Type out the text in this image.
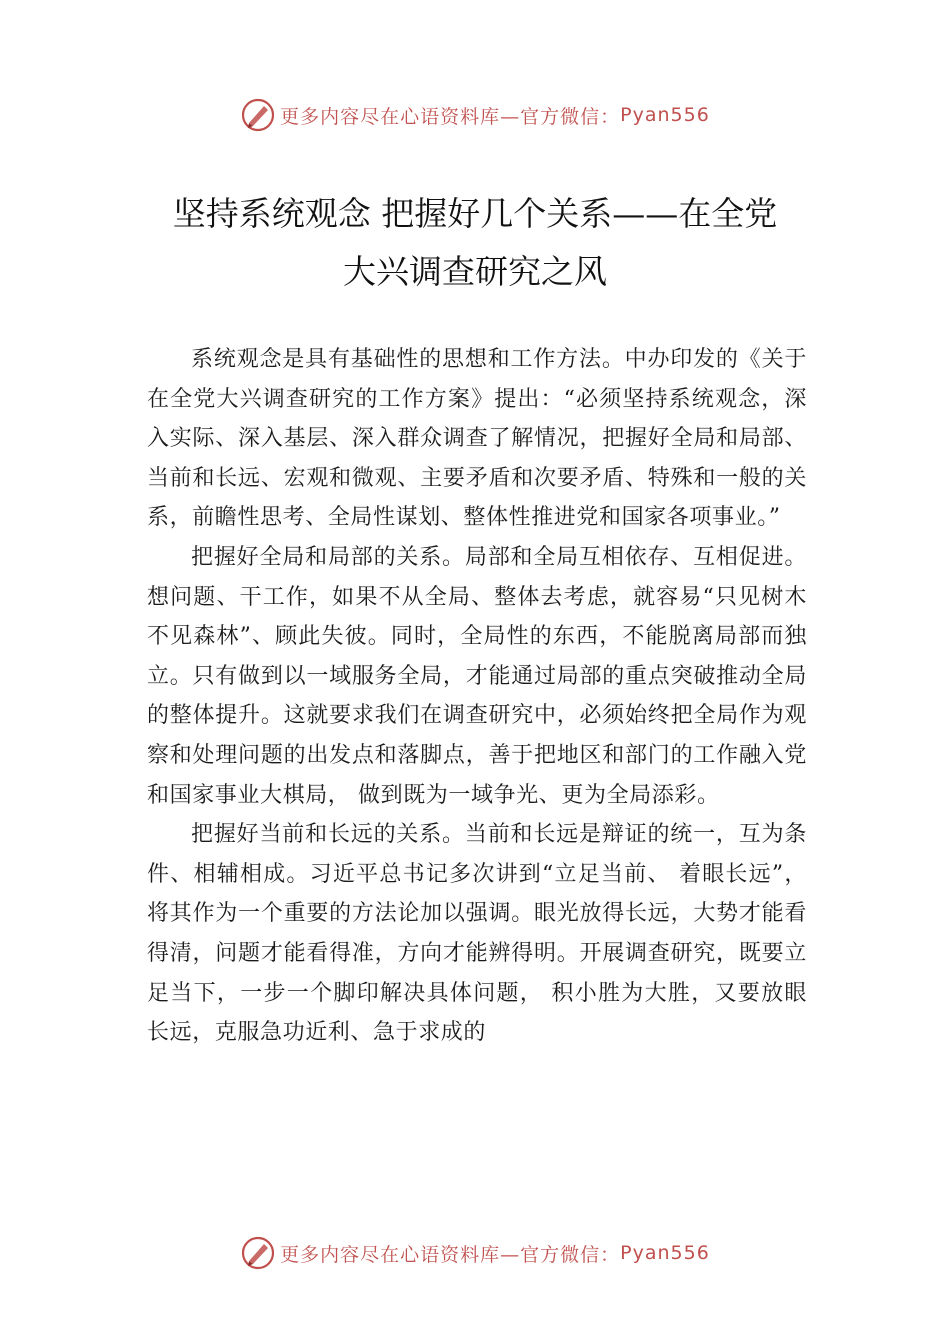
更多内容尽在心语资料库—官方微信： Pyan556
坚持系统观念 把握好几个关系——在全党
大兴调查研究之风

系统观念是具有基础性的思想和工作方法。中办印发的《关于在全党大兴调查研究的工作方案》提出：“必须坚持系统观念，深入实际、深入基层、深入群众调查了解情况，把握好全局和局部、当前和长远、宏观和微观、主要矛盾和次要矛盾、特殊和一般的关系，前瞻性思考、全局性谋划、整体性推进党和国家各项事业。”

把握好全局和局部的关系。局部和全局互相依存、互相促进。想问题、干工作，如果不从全局、整体去考虑，就容易“只见树木不见森林”、顾此失彼。同时，全局性的东西，不能脱离局部而独立。只有做到以一域服务全局，才能通过局部的重点突破推动全局的整体提升。这就要求我们在调查研究中，必须始终把全局作为观察和处理问题的出发点和落脚点，善于把地区和部门的工作融入党和国家事业大棋局， 做到既为一域争光、更为全局添彩。

把握好当前和长远的关系。当前和长远是辩证的统一，互为条件、相辅相成。习近平总书记多次讲到“立足当前、 着眼长远”，将其作为一个重要的方法论加以强调。眼光放得长远，大势才能看得清，问题才能看得准，方向才能辨得明。开展调查研究，既要立足当下，一步一个脚印解决具体问题， 积小胜为大胜，又要放眼长远，克服急功近利、急于求成的

更多内容尽在心语资料库—官方微信： Pyan556
